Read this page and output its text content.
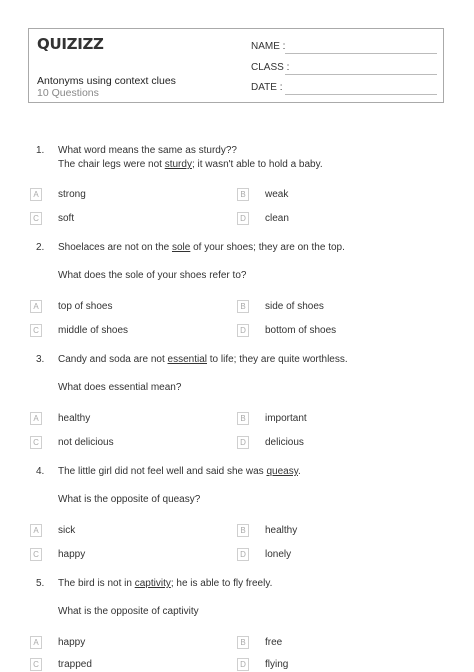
QUIZIZZ
Antonyms using context clues
10 Questions
NAME :
CLASS :
DATE :
1.	What word means the same as sturdy??
The chair legs were not sturdy; it wasn't able to hold a baby.
A	strong	B	weak
C	soft	D	clean
2.	Shoelaces are not on the sole of your shoes; they are on the top.
What does the sole of your shoes refer to?
A	top of shoes	B	side of shoes
C	middle of shoes	D	bottom of shoes
3.	Candy and soda are not essential to life; they are quite worthless.
What does essential mean?
A	healthy	B	important
C	not delicious	D	delicious
4.	The little girl did not feel well and said she was queasy.
What is the opposite of queasy?
A	sick	B	healthy
C	happy	D	lonely
5.	The bird is not in captivity; he is able to fly freely.
What is the opposite of captivity
A	happy	B	free
C	trapped	D	flying
